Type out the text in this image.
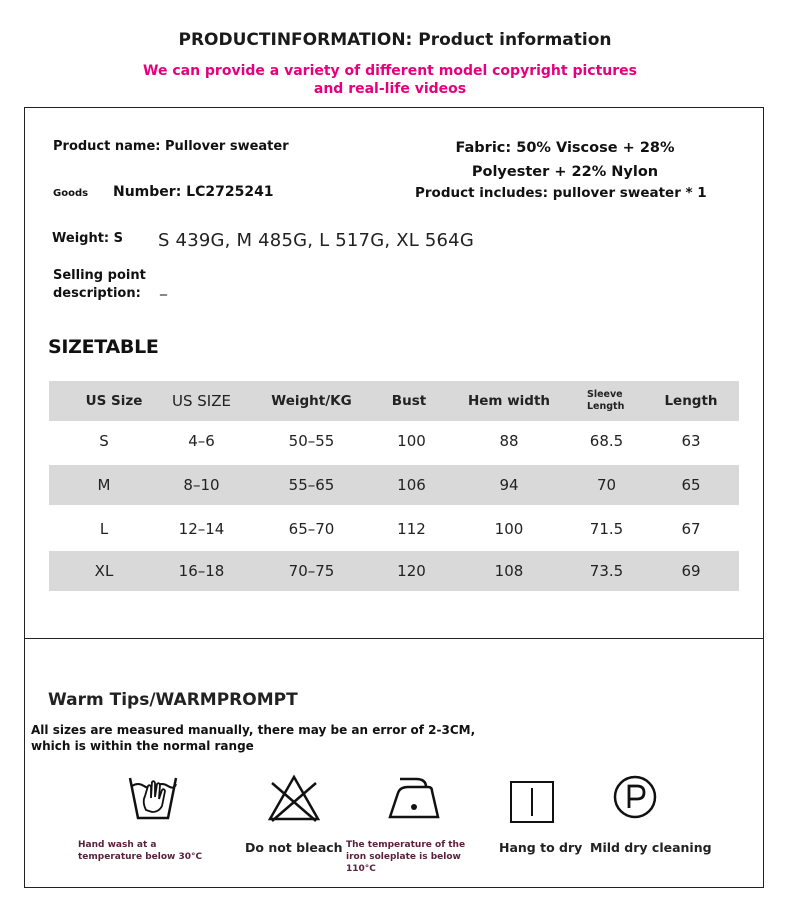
PRODUCTINFORMATION: Product information
We can provide a variety of different model copyright pictures and real-life videos
Product name: Pullover sweater
Goods Number: LC2725241
Fabric: 50% Viscose + 28% Polyester + 22% Nylon
Product includes: pullover sweater * 1
Weight: S S 439G, M 485G, L 517G, XL 564G
Selling point description:	_
SIZETABLE
US Size	US SIZE	Weight/KG	Bust	Hem width	Sleeve Length	Length
S	4–6	50–55	100	88	68.5	63
M	8–10	55–65	106	94	70	65
L	12–14	65–70	112	100	71.5	67
XL	16–18	70–75	120	108	73.5	69
Warm Tips/WARMPROMPT
All sizes are measured manually, there may be an error of 2-3CM, which is within the normal range
Hand wash at a temperature below 30°C
Do not bleach The temperature of the iron soleplate is below 110°C
Hang to dry Mild dry cleaning
